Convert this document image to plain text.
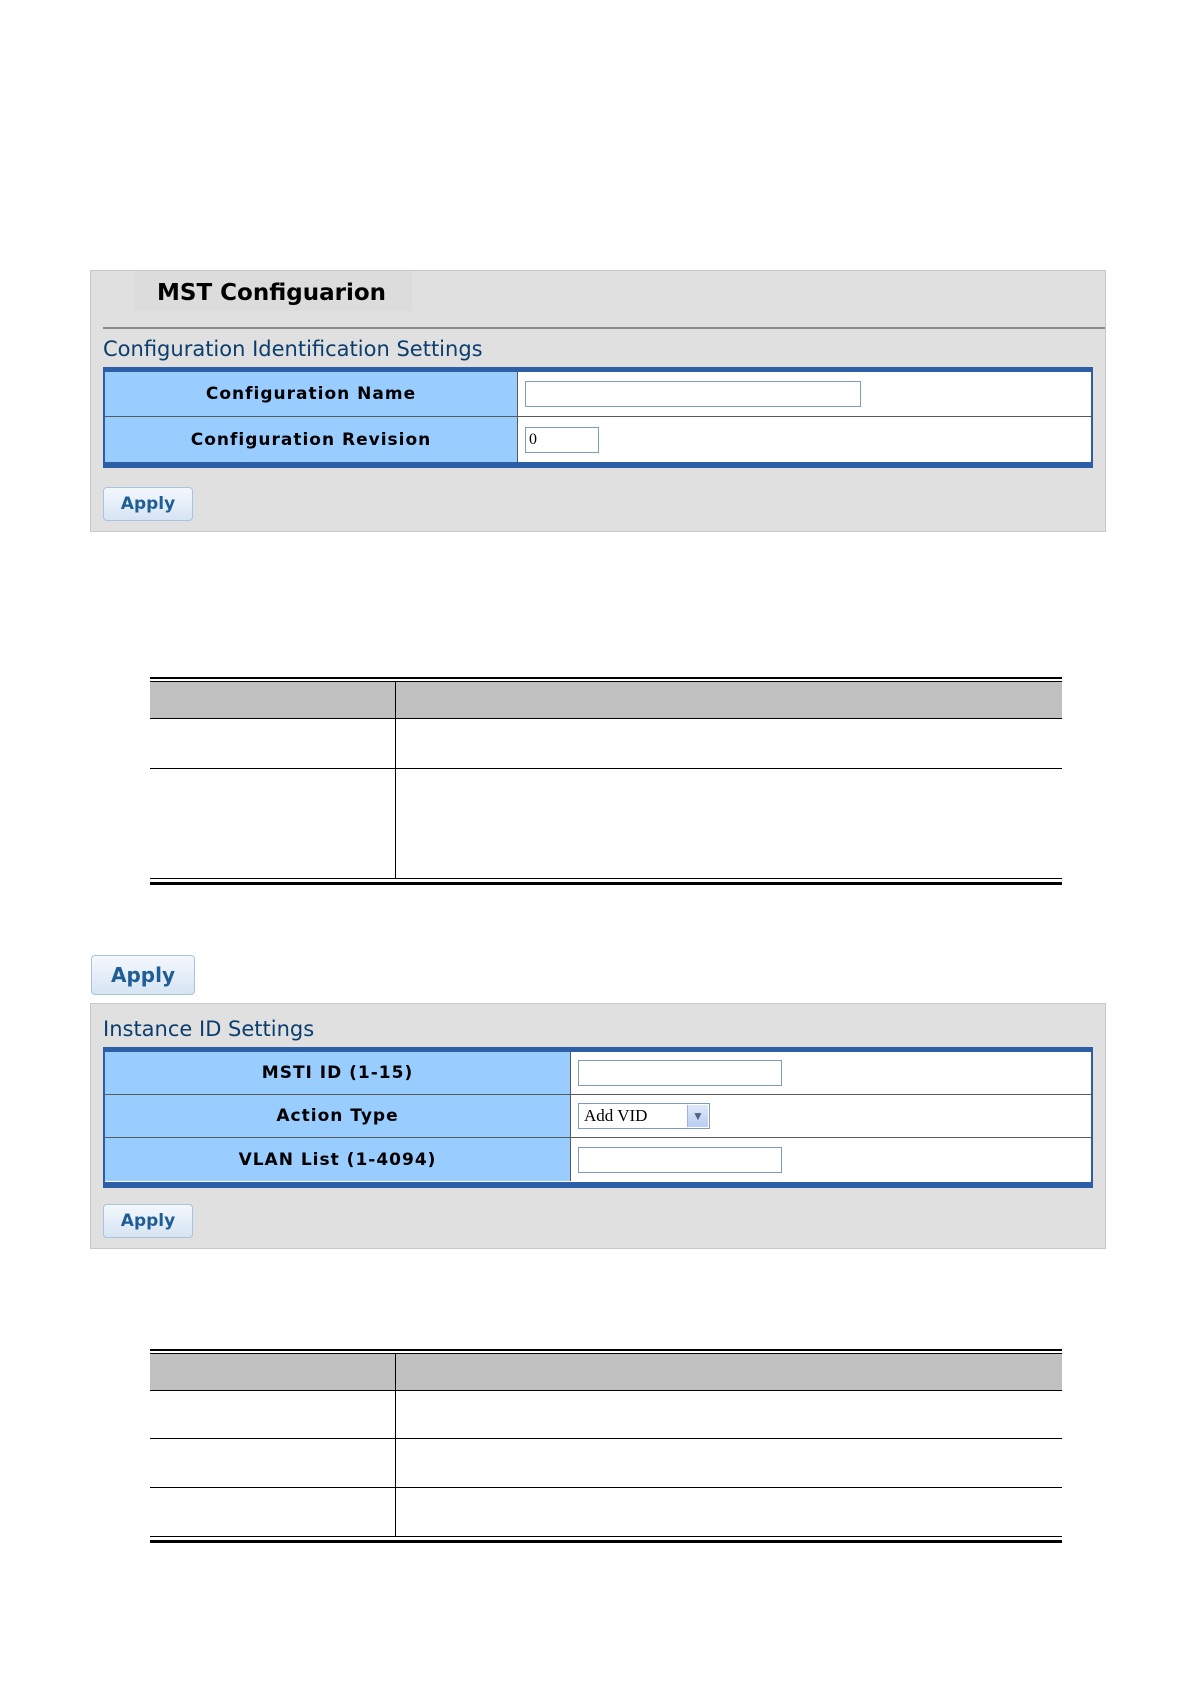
MST Configuarion
Configuration Identification Settings
Configuration Name
Configuration Revision
0
Apply
Apply
Instance ID Settings
MSTI ID (1-15)
Action Type	Add VID	▼
VLAN List (1-4094)
Apply
